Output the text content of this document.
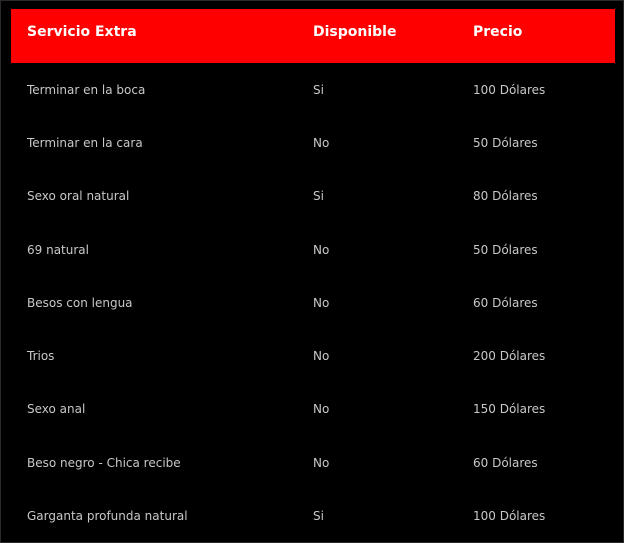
Servicio Extra	Disponible	Precio
Terminar en la boca	Si	100 Dólares
Terminar en la cara	No	50 Dólares
Sexo oral natural	Si	80 Dólares
69 natural	No	50 Dólares
Besos con lengua	No	60 Dólares
Trios	No	200 Dólares
Sexo anal	No	150 Dólares
Beso negro - Chica recibe	No	60 Dólares
Garganta profunda natural	Si	100 Dólares
